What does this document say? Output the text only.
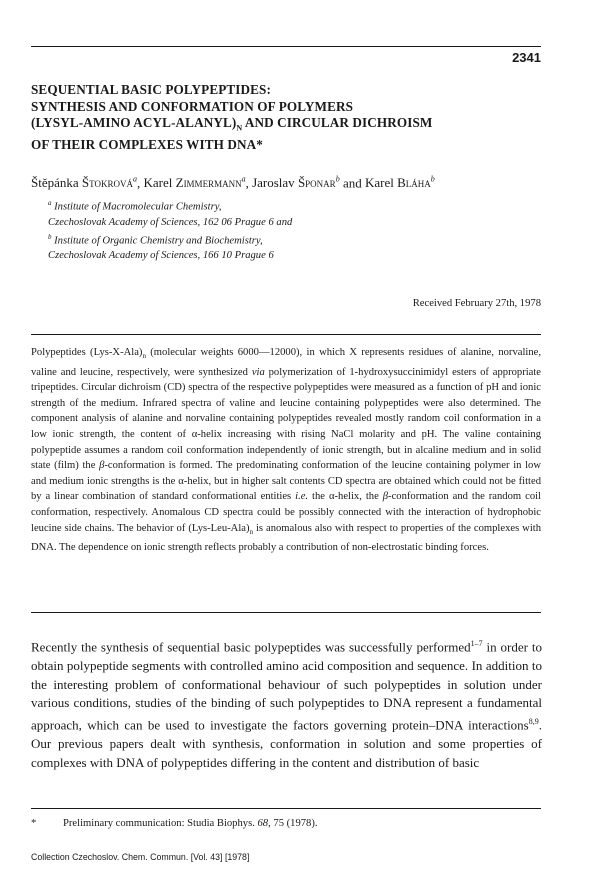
2341
SEQUENTIAL BASIC POLYPEPTIDES:
SYNTHESIS AND CONFORMATION OF POLYMERS
(LYSYL-AMINO ACYL-$ALANYL)_N$ AND CIRCULAR DICHROISM
OF THEIR COMPLEXES WITH DNA*
Štěpánka Štokrová$^a$, Karel Zimmermann$^a$, Jaroslav Šponar$^b$ and Karel Bláha$^b$
$^a$ Institute of Macromolecular Chemistry,
Czechoslovak Academy of Sciences, 162 06 Prague 6 and
$^b$ Institute of Organic Chemistry and Biochemistry,
Czechoslovak Academy of Sciences, 166 10 Prague 6
Received February 27th, 1978
Polypeptides $(Lys-X-Ala)_n$ (molecular weights 6000—12000), in which X represents residues of alanine, norvaline, valine and leucine, respectively, were synthesized via polymerization of 1-hydroxysuccinimidyl esters of appropriate tripeptides. Circular dichroism (CD) spectra of the respective polypeptides were measured as a function of pH and ionic strength of the medium. Infrared spectra of valine and leucine containing polypeptides were also determined. The component analysis of alanine and norvaline containing polypeptides revealed mostly random coil conformation in a low ionic strength, the content of α-helix increasing with rising NaCl molarity and pH. The valine containing polypeptide assumes a random coil conformation independently of ionic strength, but in alcaline medium and in solid state (film) the β-conformation is formed. The predominating conformation of the leucine containing polymer in low and medium ionic strengths is the α-helix, but in higher salt contents CD spectra are obtained which could not be fitted by a linear combination of standard conformational entities i.e. the α-helix, the β-conformation and the random coil conformation, respectively. Anomalous CD spectra could be possibly connected with the interaction of hydrophobic leucine side chains. The behavior of $(Lys-Leu-Ala)_n$ is anomalous also with respect to properties of the complexes with DNA. The dependence on ionic strength reflects probably a contribution of non-electrostatic binding forces.
Recently the synthesis of sequential basic polypeptides was successfully performed$^{1-7}$ in order to obtain polypeptide segments with controlled amino acid composition and sequence. In addition to the interesting problem of conformational behaviour of such polypeptides in solution under various conditions, studies of the binding of such polypeptides to DNA represent a fundamental approach, which can be used to investigate the factors governing protein–DNA interactions$^{8,9}$. Our previous papers dealt with synthesis, conformation in solution and some properties of complexes with DNA of polypeptides differing in the content and distribution of basic
*	Preliminary communication: Studia Biophys. 68, 75 (1978).
Collection Czechoslov. Chem. Commun. [Vol. 43] [1978]
